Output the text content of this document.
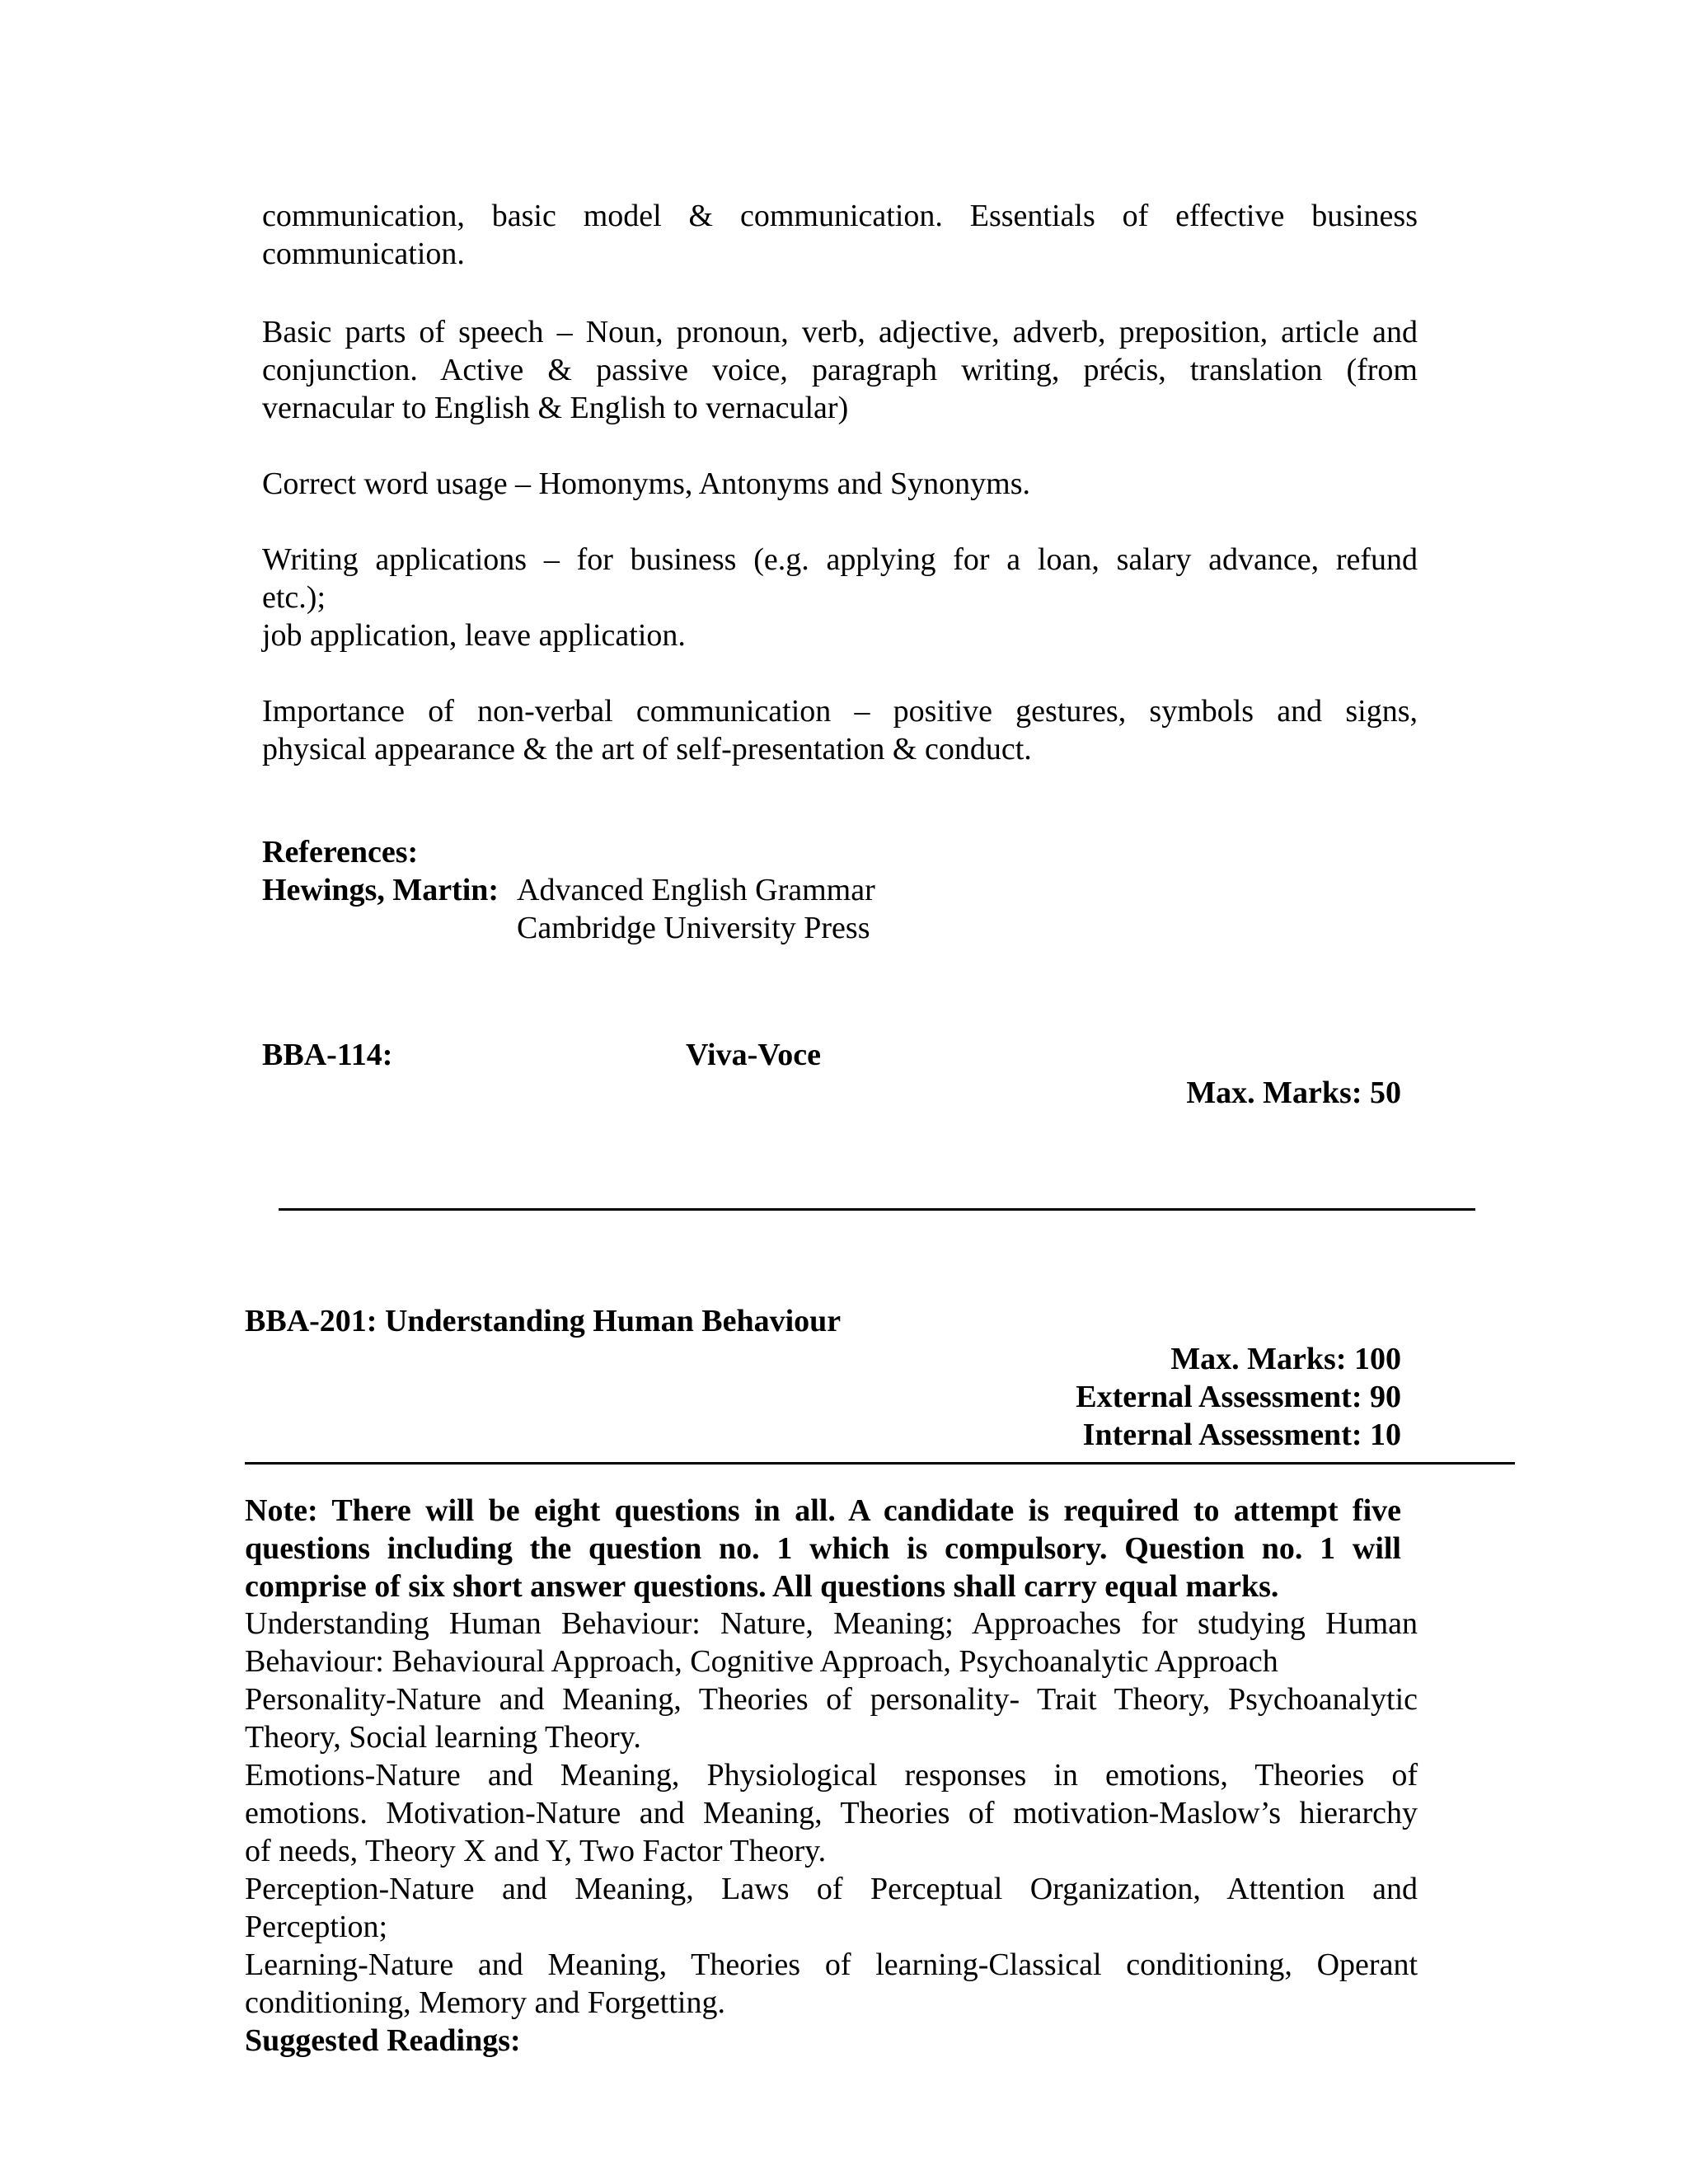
communication, basic model & communication. Essentials of effective business
communication.
Basic parts of speech – Noun, pronoun, verb, adjective, adverb, preposition, article and
conjunction. Active & passive voice, paragraph writing, précis, translation (from
vernacular to English & English to vernacular)
Correct word usage – Homonyms, Antonyms and Synonyms.
Writing applications – for business (e.g. applying for a loan, salary advance, refund
etc.);
job application, leave application.
Importance of non-verbal communication – positive gestures, symbols and signs,
physical appearance & the art of self-presentation & conduct.
References:
Hewings, Martin: Advanced English Grammar
Cambridge University Press
BBA-114:	Viva-Voce
Max. Marks: 50
BBA-201: Understanding Human Behaviour
Max. Marks: 100
External Assessment: 90
Internal Assessment: 10
Note: There will be eight questions in all. A candidate is required to attempt five
questions including the question no. 1 which is compulsory. Question no. 1 will
comprise of six short answer questions. All questions shall carry equal marks.
Understanding Human Behaviour: Nature, Meaning; Approaches for studying Human
Behaviour: Behavioural Approach, Cognitive Approach, Psychoanalytic Approach
Personality-Nature and Meaning, Theories of personality- Trait Theory, Psychoanalytic
Theory, Social learning Theory.
Emotions-Nature and Meaning, Physiological responses in emotions, Theories of
emotions. Motivation-Nature and Meaning, Theories of motivation-Maslow’s hierarchy
of needs, Theory X and Y, Two Factor Theory.
Perception-Nature and Meaning, Laws of Perceptual Organization, Attention and
Perception;
Learning-Nature and Meaning, Theories of learning-Classical conditioning, Operant
conditioning, Memory and Forgetting.
Suggested Readings:
